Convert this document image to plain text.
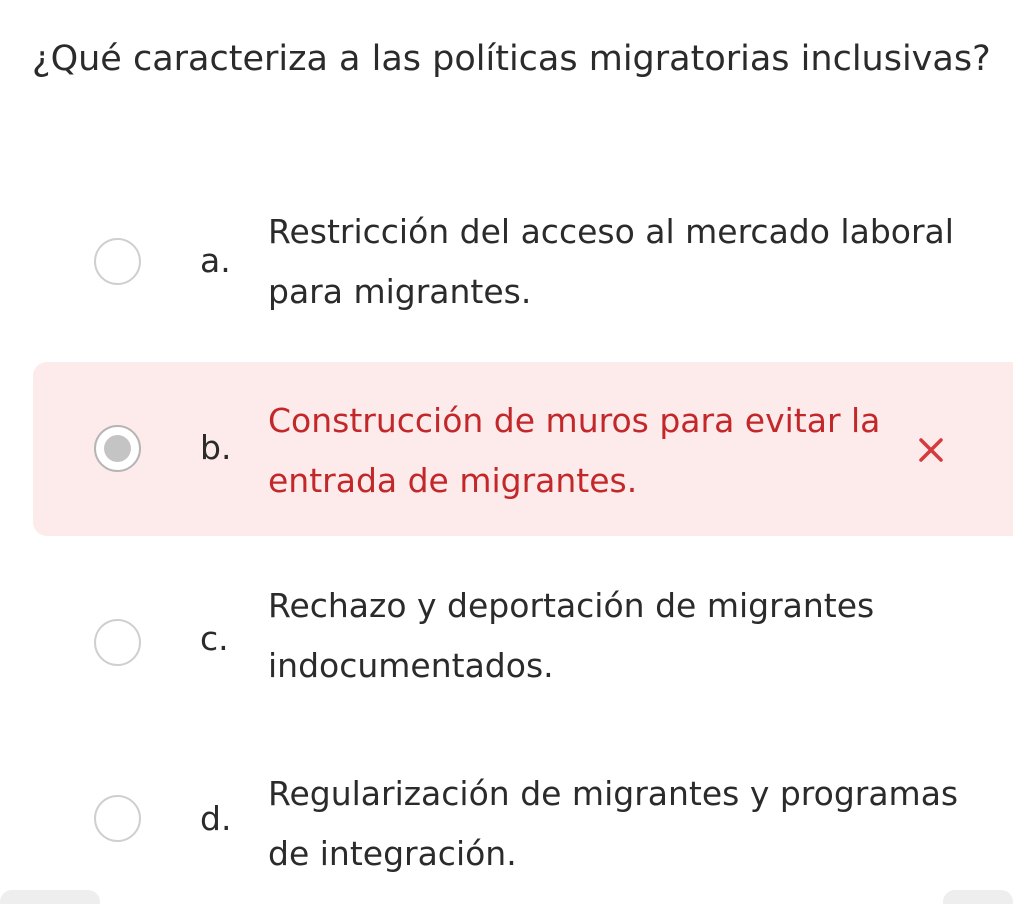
¿Qué caracteriza a las políticas migratorias inclusivas?
a.
Restricción del acceso al mercado laboral para migrantes.
b.
Construcción de muros para evitar la entrada de migrantes.
c.
Rechazo y deportación de migrantes indocumentados.
d.
Regularización de migrantes y programas de integración.
